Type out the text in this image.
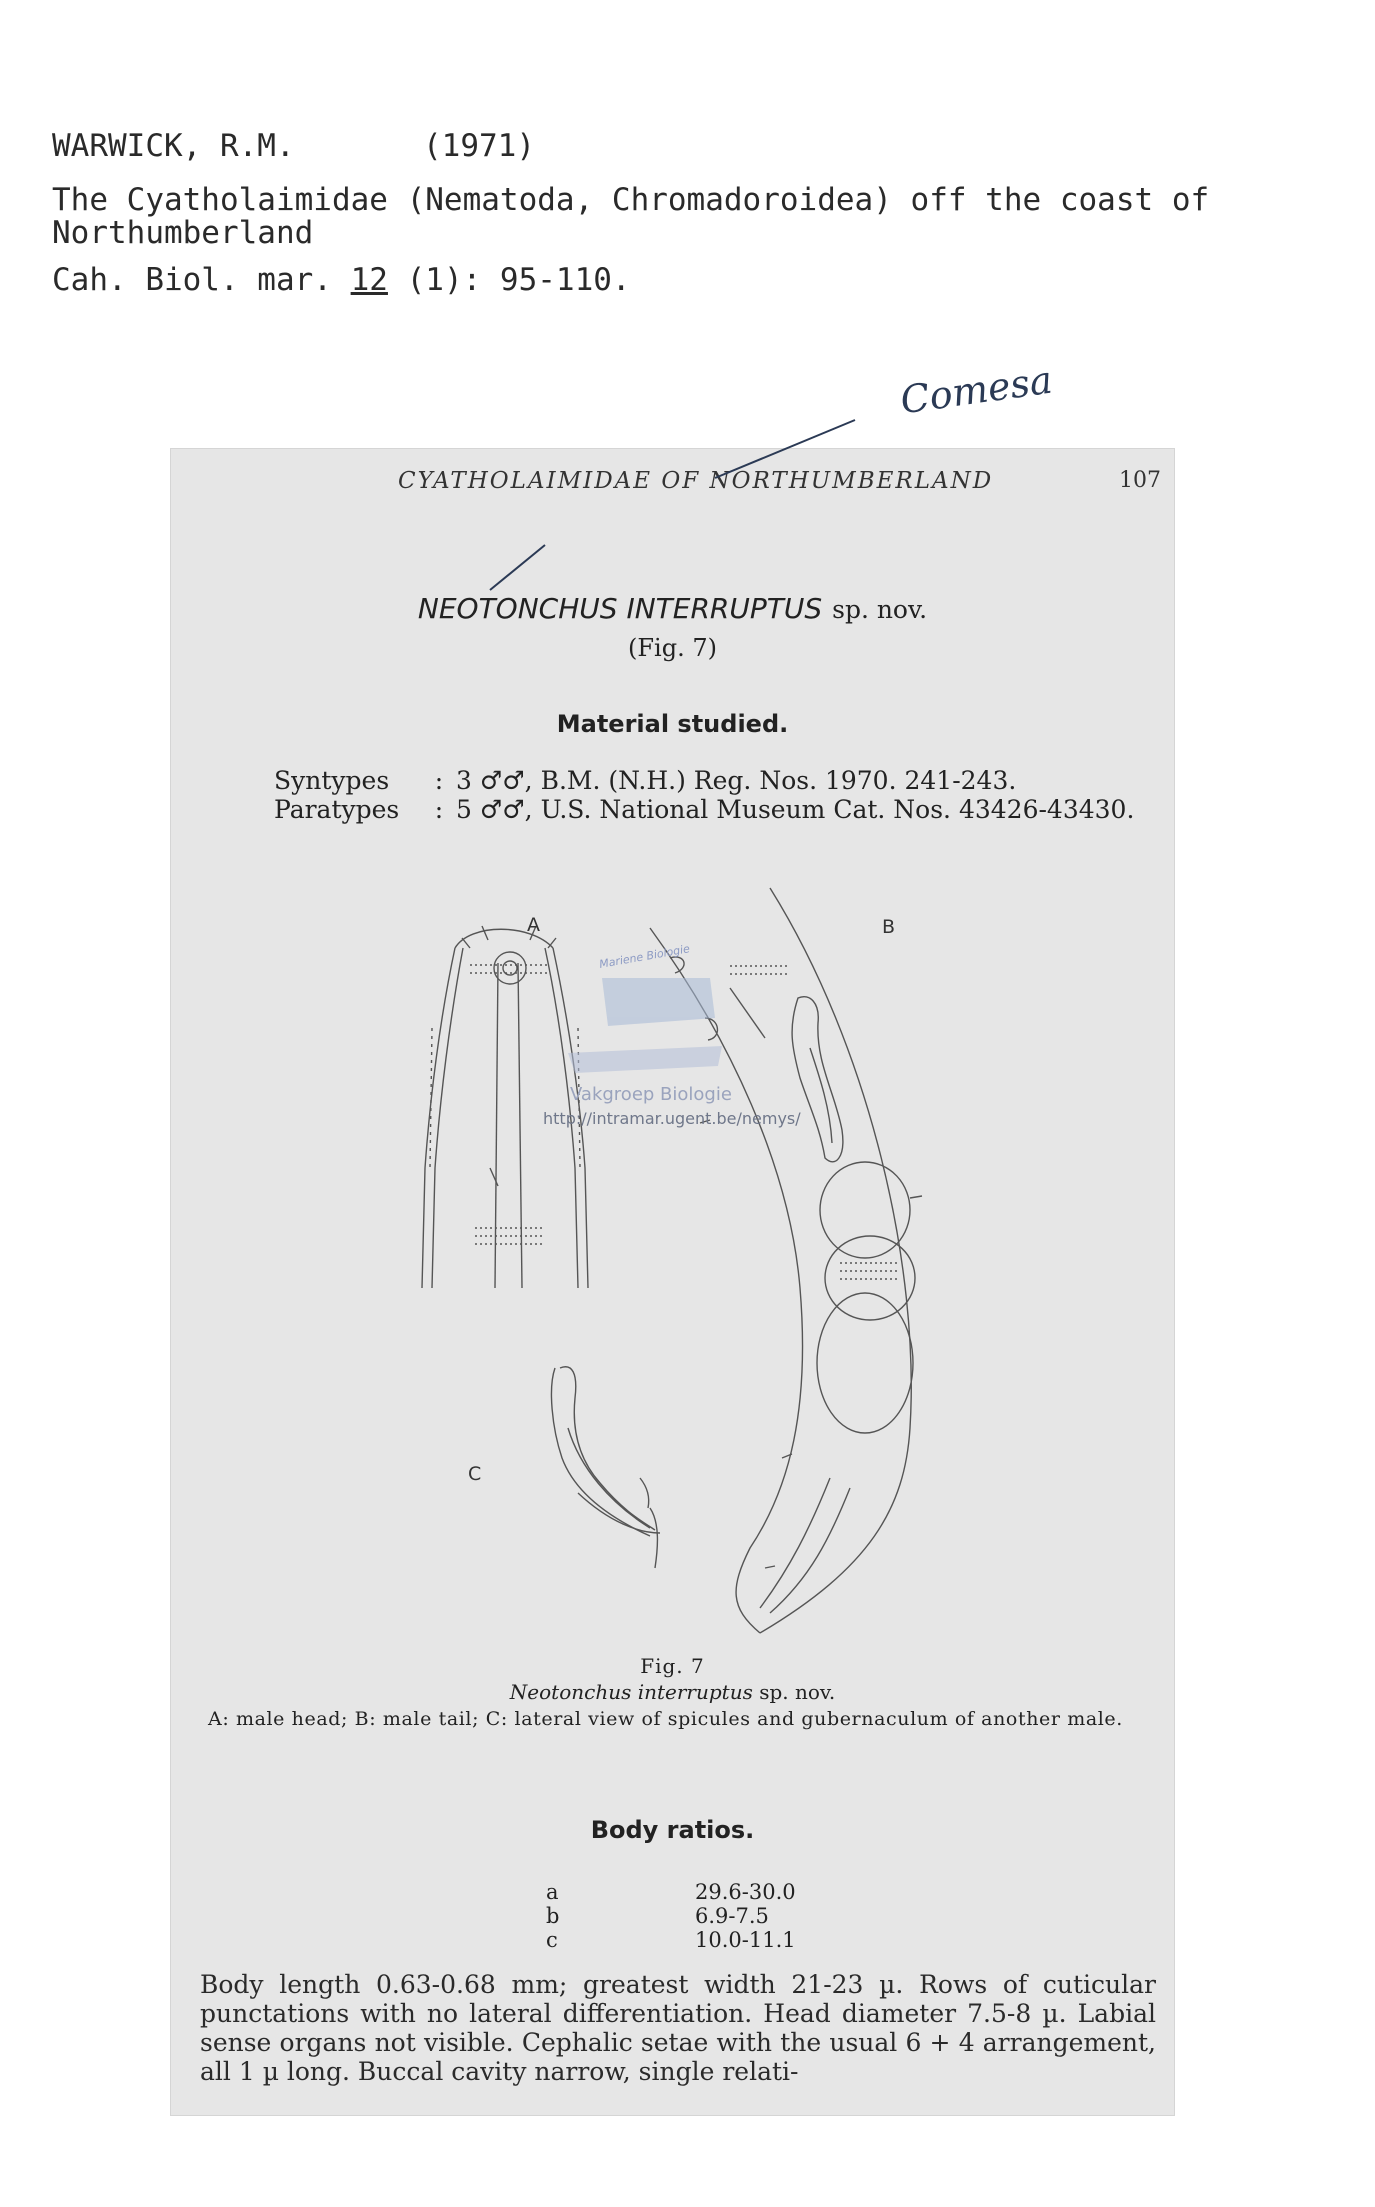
WARWICK, R.M.	(1971)
The Cyatholaimidae (Nematoda, Chromadoroidea) off the coast of
Northumberland
Cah. Biol. mar. 12 (1): 95-110.
Comesa
CYATHOLAIMIDAE OF NORTHUMBERLAND	107
NEOTONCHUS INTERRUPTUS sp. nov.
(Fig. 7)
Material studied.
Syntypes : 3 ♂♂, B.M. (N.H.) Reg. Nos. 1970. 241-243.
Paratypes : 5 ♂♂, U.S. National Museum Cat. Nos. 43426-43430.
A	B
C
Mariene Biologie
Vakgroep Biologie
http://intramar.ugent.be/nemys/
Fig. 7
Neotonchus interruptus sp. nov.
A: male head; B: male tail; C: lateral view of spicules and gubernaculum of another male.
Body ratios.
a	29.6-30.0
b	6.9-7.5
c	10.0-11.1
Body length 0.63-0.68 mm; greatest width 21-23 µ. Rows of cuticular punctations with no lateral differentiation. Head diameter 7.5-8 µ. Labial sense organs not visible. Cephalic setae with the usual 6 + 4 arrangement, all 1 µ long. Buccal cavity narrow, single relati-
